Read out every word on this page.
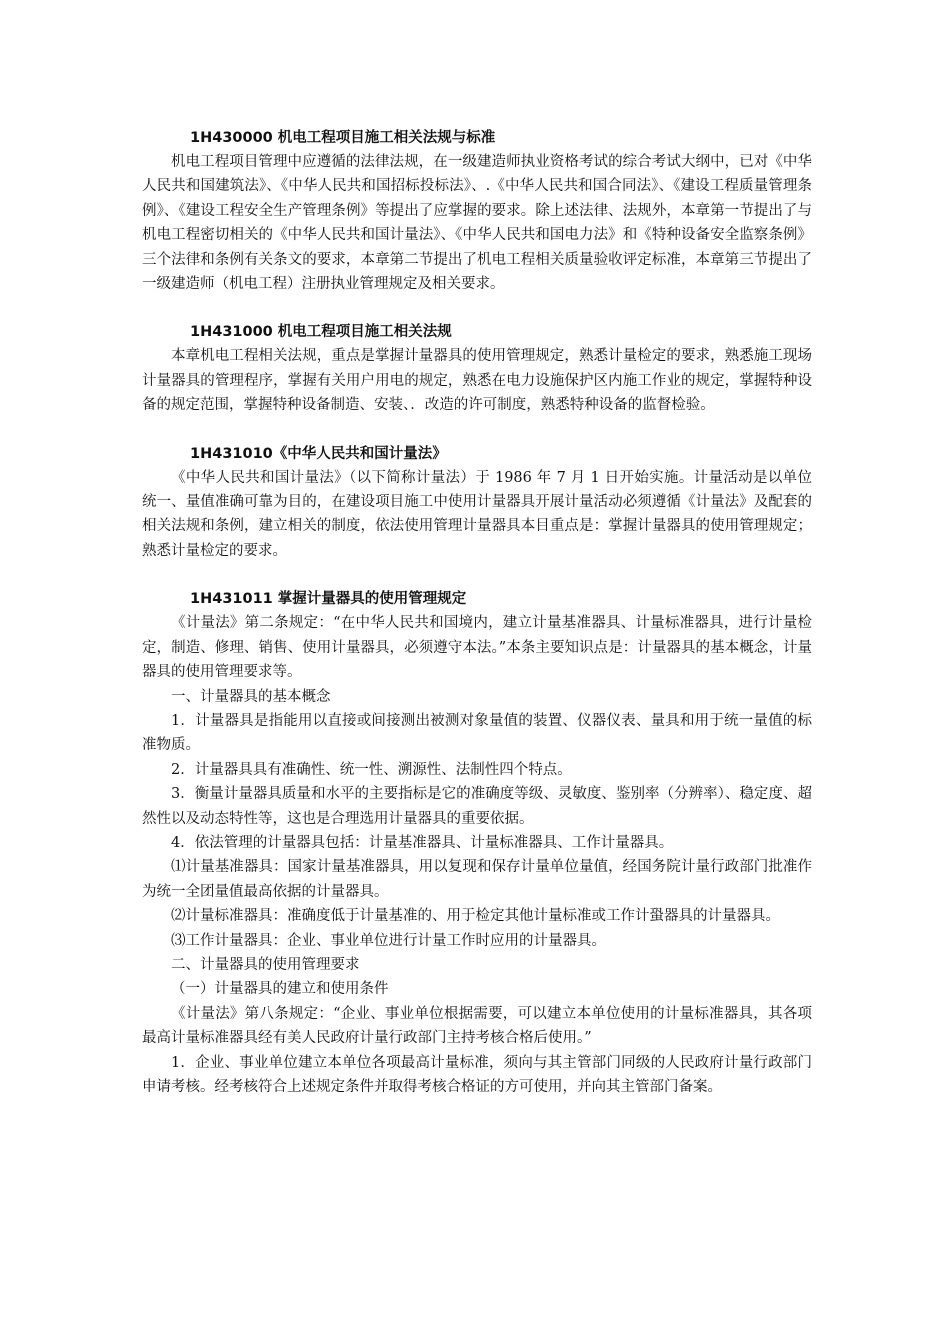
1H430000 机电工程项目施工相关法规与标准

机电工程项目管理中应遵循的法律法规，在一级建造师执业资格考试的综合考试大纲中，已对《中华人民共和国建筑法》、《中华人民共和国招标投标法》、.《中华人民共和国合同法》、《建设工程质量管理条例》、《建设工程安全生产管理条例》等提出了应掌握的要求。除上述法律、法规外，本章第一节提出了与机电工程密切相关的《中华人民共和国计量法》、《中华人民共和国电力法》和《特种设备安全监察条例》三个法律和条例有关条文的要求，本章第二节提出了机电工程相关质量验收评定标准，本章第三节提出了一级建造师（机电工程）注册执业管理规定及相关要求。

1H431000 机电工程项目施工相关法规

本章机电工程相关法规，重点是掌握计量器具的使用管理规定，熟悉计量检定的要求，熟悉施工现场计量器具的管理程序，掌握有关用户用电的规定，熟悉在电力设施保护区内施工作业的规定，掌握特种设备的规定范围，掌握特种设备制造、安装、．改造的许可制度，熟悉特种设备的监督检验。

1H431010《中华人民共和国计量法》

《中华人民共和国计量法》（以下简称计量法）于 1986 年 7 月 1 日开始实施。计量活动是以单位统一、量值准确可靠为目的，在建设项目施工中使用计量器具开展计量活动必须遵循《计量法》及配套的相关法规和条例，建立相关的制度，依法使用管理计量器具本目重点是：掌握计量器具的使用管理规定；熟悉计量检定的要求。

1H431011 掌握计量器具的使用管理规定

《计量法》第二条规定：“在中华人民共和国境内，建立计量基准器具、计量标准器具，进行计量检定，制造、修理、销售、使用计量器具，必须遵守本法。”本条主要知识点是：计量器具的基本概念，计量器具的使用管理要求等。

一、计量器具的基本概念

1．计量器具是指能用以直接或间接测出被测对象量值的装置、仪器仪表、量具和用于统一量值的标准物质。

2．计量器具具有准确性、统一性、溯源性、法制性四个特点。

3．衡量计量器具质量和水平的主要指标是它的准确度等级、灵敏度、鉴别率（分辨率）、稳定度、超然性以及动态特性等，这也是合理选用计量器具的重要依据。

4．依法管理的计量器具包括：计量基准器具、计量标准器具、工作计量器具。

⑴计量基准器具：国家计量基准器具，用以复现和保存计量单位量值，经国务院计量行政部门批准作为统一全团量值最高依据的计量器具。

⑵计量标准器具：准确度低于计量基准的、用于检定其他计量标准或工作计蛩器具的计量器具。

⑶工作计量器具：企业、事业单位进行计量工作时应用的计量器具。

二、计量器具的使用管理要求

（一）计量器具的建立和使用条件

《计量法》第八条规定：“企业、事业单位根据需要，可以建立本单位使用的计量标准器具，其各项最高计量标准器具经有美人民政府计量行政部门主持考核合格后使用。”

1．企业、事业单位建立本单位各项最高计量标准，须向与其主管部门同级的人民政府计量行政部门申请考核。经考核符合上述规定条件并取得考核合格证的方可使用，并向其主管部门备案。
